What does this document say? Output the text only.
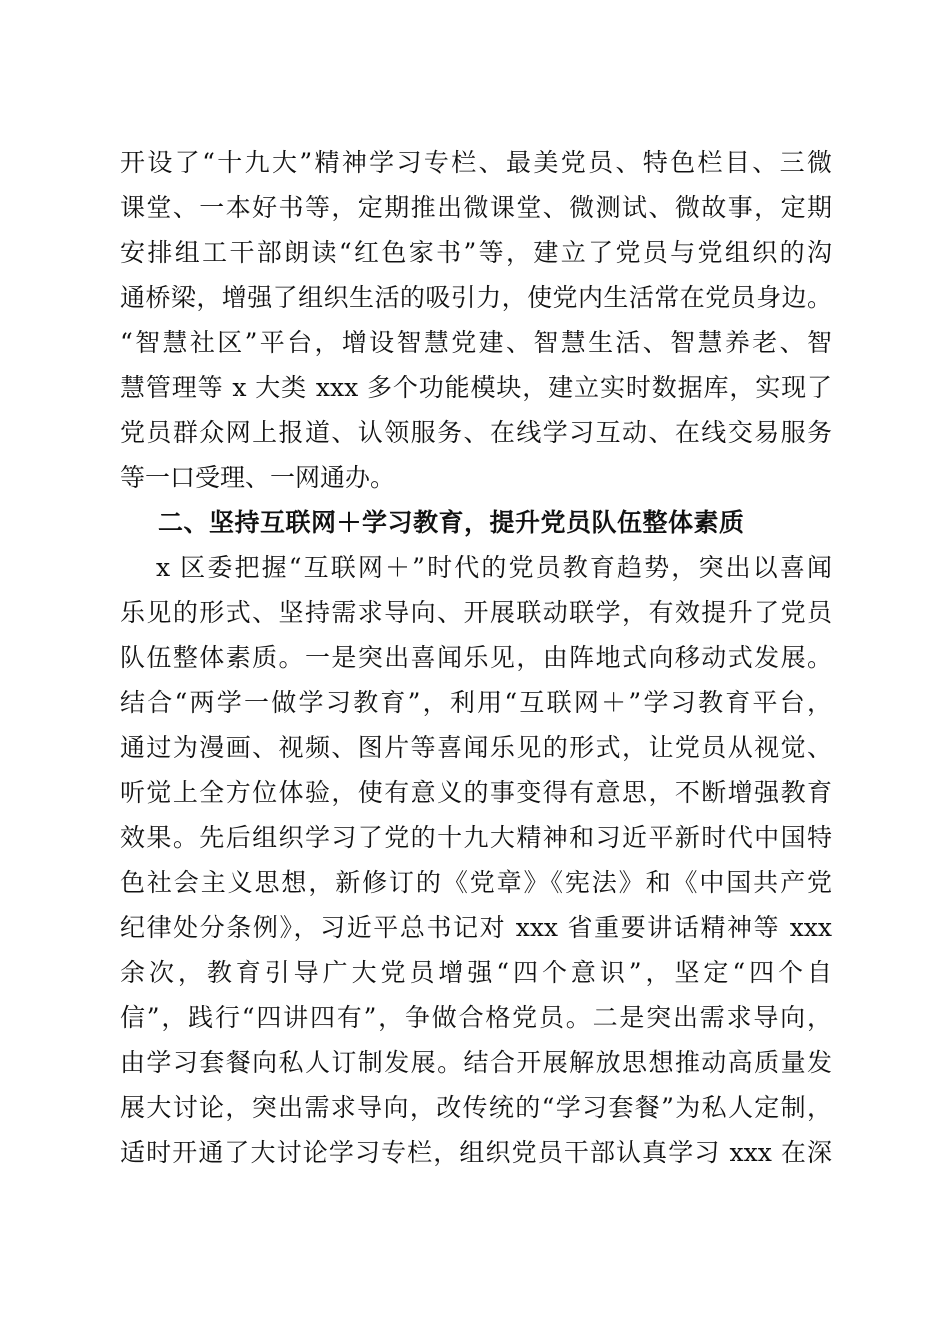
开设了“十九大”精神学习专栏、最美党员、特色栏目、三微
课堂、一本好书等，定期推出微课堂、微测试、微故事，定期
安排组工干部朗读“红色家书”等，建立了党员与党组织的沟
通桥梁，增强了组织生活的吸引力，使党内生活常在党员身边。
“智慧社区”平台，增设智慧党建、智慧生活、智慧养老、智
慧管理等 x 大类 xxx 多个功能模块，建立实时数据库，实现了
党员群众网上报道、认领服务、在线学习互动、在线交易服务
等一口受理、一网通办。
二、坚持互联网＋学习教育，提升党员队伍整体素质
x 区委把握“互联网＋”时代的党员教育趋势，突出以喜闻
乐见的形式、坚持需求导向、开展联动联学，有效提升了党员
队伍整体素质。一是突出喜闻乐见，由阵地式向移动式发展。
结合“两学一做学习教育”，利用“互联网＋”学习教育平台，
通过为漫画、视频、图片等喜闻乐见的形式，让党员从视觉、
听觉上全方位体验，使有意义的事变得有意思，不断增强教育
效果。先后组织学习了党的十九大精神和习近平新时代中国特
色社会主义思想，新修订的《党章》《宪法》和《中国共产党
纪律处分条例》，习近平总书记对 xxx 省重要讲话精神等 xxx
余次，教育引导广大党员增强“四个意识”，坚定“四个自
信”，践行“四讲四有”，争做合格党员。二是突出需求导向，
由学习套餐向私人订制发展。结合开展解放思想推动高质量发
展大讨论，突出需求导向，改传统的“学习套餐”为私人定制，
适时开通了大讨论学习专栏，组织党员干部认真学习 xxx 在深
